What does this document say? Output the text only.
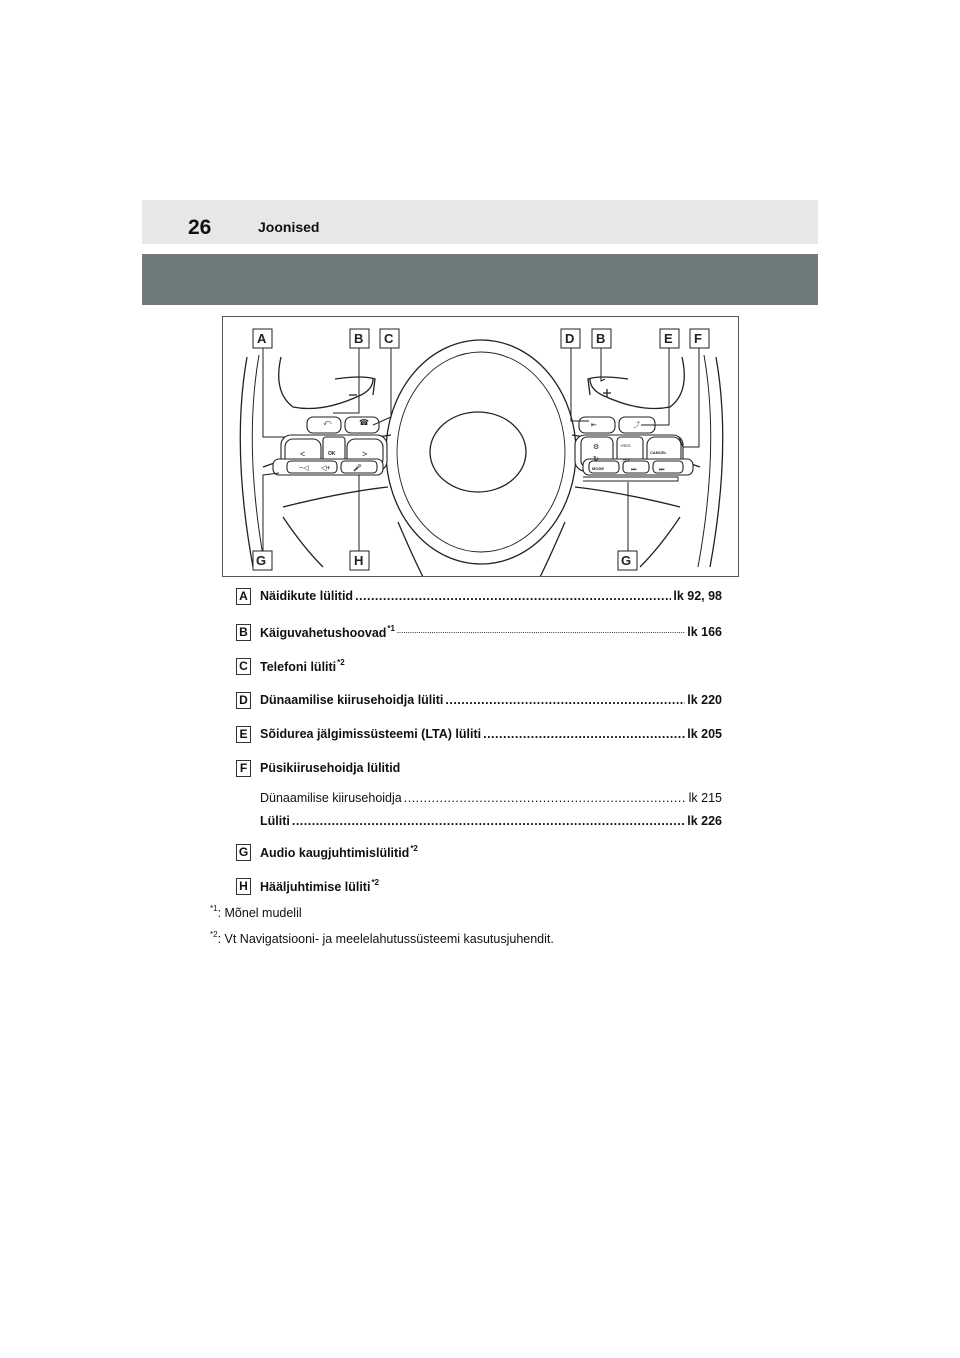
26	Joonised
<	>
⤺	☎
−◁ ◁+	🎤
OK
⇤	⤴
⚙
↻
⏭	⏭
+RES
-SET
CANCEL
MODE
A	B C	D B	E F
G	H	G
A Näidikute lülitid .....	lk 92, 98
B Käiguvahetushoovad$^{*1}$ .....	lk 166
C Telefoni lüliti$^{*2}$
D Dünaamilise kiirusehoidja lüliti .....	lk 220
E Sõidurea jälgimissüsteemi (LTA) lüliti .....	lk 205
F	Püsikiirusehoidja lülitid
Dünaamilise kiirusehoidja .....	lk 215
Lüliti .....	lk 226
G Audio kaugjuhtimislülitid$^{*2}$
H Hääljuhtimise lüliti$^{*2}$
$^{*1}$: Mõnel mudelil
$^{*2}$: Vt Navigatsiooni- ja meelelahutussüsteemi kasutusjuhendit.
